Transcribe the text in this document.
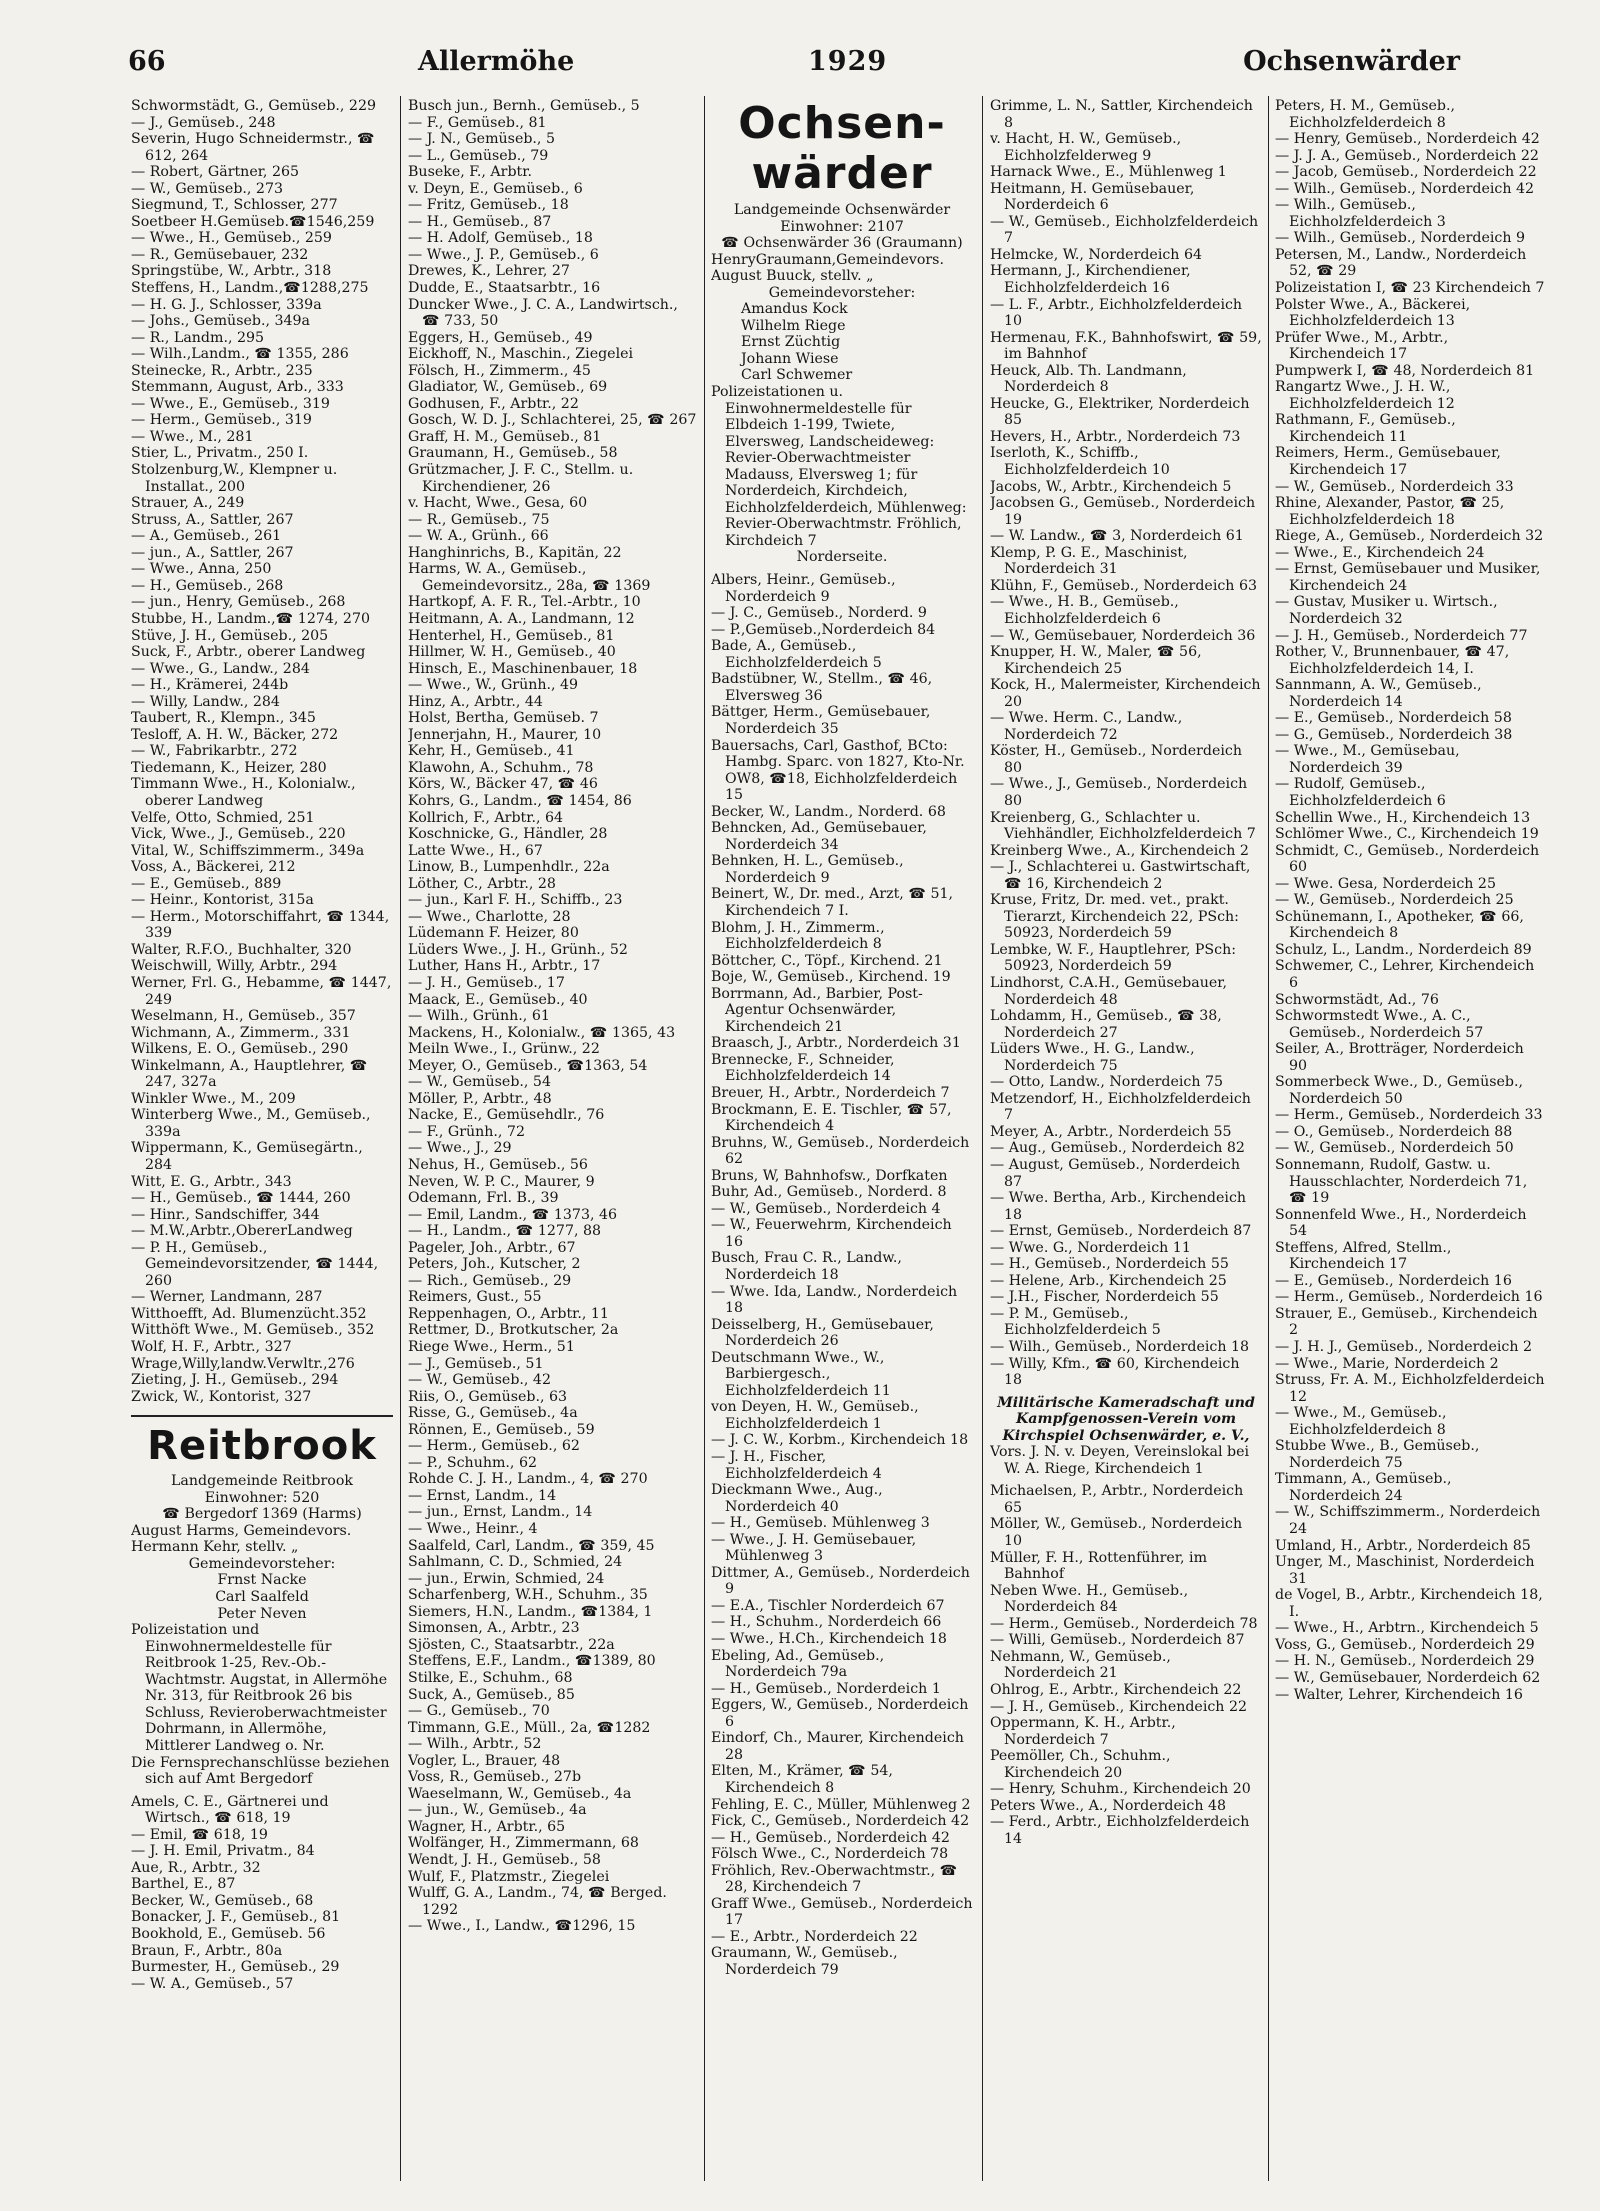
66	Allermöhe	1929	Ochsenwärder
Schwormstädt, G., Gemüseb., 229
— J., Gemüseb., 248
Severin, Hugo Schneidermstr., ☎ 612, 264
— Robert, Gärtner, 265
— W., Gemüseb., 273
Siegmund, T., Schlosser, 277
Soetbeer H.Gemüseb.☎1546,259
— Wwe., H., Gemüseb., 259
— R., Gemüsebauer, 232
Springstübe, W., Arbtr., 318
Steffens, H., Landm.,☎1288,275
— H. G. J., Schlosser, 339a
— Johs., Gemüseb., 349a
— R., Landm., 295
— Wilh.,Landm., ☎ 1355, 286
Steinecke, R., Arbtr., 235
Stemmann, August, Arb., 333
— Wwe., E., Gemüseb., 319
— Herm., Gemüseb., 319
— Wwe., M., 281
Stier, L., Privatm., 250 I.
Stolzenburg,W., Klempner u. Installat., 200
Strauer, A., 249
Struss, A., Sattler, 267
— A., Gemüseb., 261
— jun., A., Sattler, 267
— Wwe., Anna, 250
— H., Gemüseb., 268
— jun., Henry, Gemüseb., 268
Stubbe, H., Landm.,☎ 1274, 270
Stüve, J. H., Gemüseb., 205
Suck, F., Arbtr., oberer Landweg
— Wwe., G., Landw., 284
— H., Krämerei, 244b
— Willy, Landw., 284
Taubert, R., Klempn., 345
Tesloff, A. H. W., Bäcker, 272
— W., Fabrikarbtr., 272
Tiedemann, K., Heizer, 280
Timmann Wwe., H., Kolonialw., oberer Landweg
Velfe, Otto, Schmied, 251
Vick, Wwe., J., Gemüseb., 220
Vital, W., Schiffszimmerm., 349a
Voss, A., Bäckerei, 212
— E., Gemüseb., 889
— Heinr., Kontorist, 315a
— Herm., Motorschiffahrt, ☎ 1344, 339
Walter, R.F.O., Buchhalter, 320
Weischwill, Willy, Arbtr., 294
Werner, Frl. G., Hebamme, ☎ 1447, 249
Weselmann, H., Gemüseb., 357
Wichmann, A., Zimmerm., 331
Wilkens, E. O., Gemüseb., 290
Winkelmann, A., Hauptlehrer, ☎ 247, 327a
Winkler Wwe., M., 209
Winterberg Wwe., M., Gemüseb., 339a
Wippermann, K., Gemüsegärtn., 284
Witt, E. G., Arbtr., 343
— H., Gemüseb., ☎ 1444, 260
— Hinr., Sandschiffer, 344
— M.W.,Arbtr.,ObererLandweg
— P. H., Gemüseb., Gemeindevorsitzender, ☎ 1444, 260
— Werner, Landmann, 287
Witthoefft, Ad. Blumenzücht.352
Witthöft Wwe., M. Gemüseb., 352
Wolf, H. F., Arbtr., 327
Wrage,Willy,landw.Verwltr.,276
Zieting, J. H., Gemüseb., 294
Zwick, W., Kontorist, 327
Reitbrook
Landgemeinde Reitbrook
Einwohner: 520
☎ Bergedorf 1369 (Harms)
August Harms, Gemeindevors.
Hermann Kehr, stellv. „
Gemeindevorsteher:
Frnst Nacke
Carl Saalfeld
Peter Neven
Polizeistation und Einwohnermeldestelle für Reitbrook 1-25, Rev.-Ob.-Wachtmstr. Augstat, in Allermöhe Nr. 313, für Reitbrook 26 bis Schluss, Revieroberwachtmeister Dohrmann, in Allermöhe, Mittlerer Landweg o. Nr.
Die Fernsprechanschlüsse beziehen sich auf Amt Bergedorf
Amels, C. E., Gärtnerei und Wirtsch., ☎ 618, 19
— Emil, ☎ 618, 19
— J. H. Emil, Privatm., 84
Aue, R., Arbtr., 32
Barthel, E., 87
Becker, W., Gemüseb., 68
Bonacker, J. F., Gemüseb., 81
Bookhold, E., Gemüseb. 56
Braun, F., Arbtr., 80a
Burmester, H., Gemüseb., 29
— W. A., Gemüseb., 57
Busch jun., Bernh., Gemüseb., 5
— F., Gemüseb., 81
— J. N., Gemüseb., 5
— L., Gemüseb., 79
Buseke, F., Arbtr.
v. Deyn, E., Gemüseb., 6
— Fritz, Gemüseb., 18
— H., Gemüseb., 87
— H. Adolf, Gemüseb., 18
— Wwe., J. P., Gemüseb., 6
Drewes, K., Lehrer, 27
Dudde, E., Staatsarbtr., 16
Duncker Wwe., J. C. A., Landwirtsch., ☎ 733, 50
Eggers, H., Gemüseb., 49
Eickhoff, N., Maschin., Ziegelei
Fölsch, H., Zimmerm., 45
Gladiator, W., Gemüseb., 69
Godhusen, F., Arbtr., 22
Gosch, W. D. J., Schlachterei, 25, ☎ 267
Graff, H. M., Gemüseb., 81
Graumann, H., Gemüseb., 58
Grützmacher, J. F. C., Stellm. u. Kirchendiener, 26
v. Hacht, Wwe., Gesa, 60
— R., Gemüseb., 75
— W. A., Grünh., 66
Hanghinrichs, B., Kapitän, 22
Harms, W. A., Gemüseb., Gemeindevorsitz., 28a, ☎ 1369
Hartkopf, A. F. R., Tel.-Arbtr., 10
Heitmann, A. A., Landmann, 12
Henterhel, H., Gemüseb., 81
Hillmer, W. H., Gemüseb., 40
Hinsch, E., Maschinenbauer, 18
— Wwe., W., Grünh., 49
Hinz, A., Arbtr., 44
Holst, Bertha, Gemüseb. 7
Jennerjahn, H., Maurer, 10
Kehr, H., Gemüseb., 41
Klawohn, A., Schuhm., 78
Körs, W., Bäcker 47, ☎ 46
Kohrs, G., Landm., ☎ 1454, 86
Kollrich, F., Arbtr., 64
Koschnicke, G., Händler, 28
Latte Wwe., H., 67
Linow, B., Lumpenhdlr., 22a
Löther, C., Arbtr., 28
— jun., Karl F. H., Schiffb., 23
— Wwe., Charlotte, 28
Lüdemann F. Heizer, 80
Lüders Wwe., J. H., Grünh., 52
Luther, Hans H., Arbtr., 17
— J. H., Gemüseb., 17
Maack, E., Gemüseb., 40
— Wilh., Grünh., 61
Mackens, H., Kolonialw., ☎ 1365, 43
Meiln Wwe., I., Grünw., 22
Meyer, O., Gemüseb., ☎1363, 54
— W., Gemüseb., 54
Möller, P., Arbtr., 48
Nacke, E., Gemüsehdlr., 76
— F., Grünh., 72
— Wwe., J., 29
Nehus, H., Gemüseb., 56
Neven, W. P. C., Maurer, 9
Odemann, Frl. B., 39
— Emil, Landm., ☎ 1373, 46
— H., Landm., ☎ 1277, 88
Pageler, Joh., Arbtr., 67
Peters, Joh., Kutscher, 2
— Rich., Gemüseb., 29
Reimers, Gust., 55
Reppenhagen, O., Arbtr., 11
Rettmer, D., Brotkutscher, 2a
Riege Wwe., Herm., 51
— J., Gemüseb., 51
— W., Gemüseb., 42
Riis, O., Gemüseb., 63
Risse, G., Gemüseb., 4a
Rönnen, E., Gemüseb., 59
— Herm., Gemüseb., 62
— P., Schuhm., 62
Rohde C. J. H., Landm., 4, ☎ 270
— Ernst, Landm., 14
— jun., Ernst, Landm., 14
— Wwe., Heinr., 4
Saalfeld, Carl, Landm., ☎ 359, 45
Sahlmann, C. D., Schmied, 24
— jun., Erwin, Schmied, 24
Scharfenberg, W.H., Schuhm., 35
Siemers, H.N., Landm., ☎1384, 1
Simonsen, A., Arbtr., 23
Sjösten, C., Staatsarbtr., 22a
Steffens, E.F., Landm., ☎1389, 80
Stilke, E., Schuhm., 68
Suck, A., Gemüseb., 85
— G., Gemüseb., 70
Timmann, G.E., Müll., 2a, ☎1282
— Wilh., Arbtr., 52
Vogler, L., Brauer, 48
Voss, R., Gemüseb., 27b
Waeselmann, W., Gemüseb., 4a
— jun., W., Gemüseb., 4a
Wagner, H., Arbtr., 65
Wolfänger, H., Zimmermann, 68
Wendt, J. H., Gemüseb., 58
Wulf, F., Platzmstr., Ziegelei
Wulff, G. A., Landm., 74, ☎ Berged. 1292
— Wwe., I., Landw., ☎1296, 15
Ochsen-
wärder
Landgemeinde Ochsenwärder
Einwohner: 2107
☎ Ochsenwärder 36 (Graumann)
HenryGraumann,Gemeindevors.
August Buuck, stellv. „
Gemeindevorsteher:
Amandus Kock
Wilhelm Riege
Ernst Züchtig
Johann Wiese
Carl Schwemer
Polizeistationen u. Einwohnermeldestelle für Elbdeich 1-199, Twiete, Elversweg, Landscheideweg: Revier-Oberwachtmeister Madauss, Elversweg 1; für Norderdeich, Kirchdeich, Eichholzfelderdeich, Mühlenweg: Revier-Oberwachtmstr. Fröhlich, Kirchdeich 7
Norderseite.
Albers, Heinr., Gemüseb., Norderdeich 9
— J. C., Gemüseb., Norderd. 9
— P.,Gemüseb.,Norderdeich 84
Bade, A., Gemüseb., Eichholzfelderdeich 5
Badstübner, W., Stellm., ☎ 46, Elversweg 36
Bättger, Herm., Gemüsebauer, Norderdeich 35
Bauersachs, Carl, Gasthof, BCto: Hambg. Sparc. von 1827, Kto-Nr. OW8, ☎18, Eichholzfelderdeich 15
Becker, W., Landm., Norderd. 68
Behncken, Ad., Gemüsebauer, Norderdeich 34
Behnken, H. L., Gemüseb., Norderdeich 9
Beinert, W., Dr. med., Arzt, ☎ 51, Kirchendeich 7 I.
Blohm, J. H., Zimmerm., Eichholzfelderdeich 8
Böttcher, C., Töpf., Kirchend. 21
Boje, W., Gemüseb., Kirchend. 19
Borrmann, Ad., Barbier, Post-Agentur Ochsenwärder, Kirchendeich 21
Braasch, J., Arbtr., Norderdeich 31
Brennecke, F., Schneider, Eichholzfelderdeich 14
Breuer, H., Arbtr., Norderdeich 7
Brockmann, E. E. Tischler, ☎ 57, Kirchendeich 4
Bruhns, W., Gemüseb., Norderdeich 62
Bruns, W, Bahnhofsw., Dorfkaten
Buhr, Ad., Gemüseb., Norderd. 8
— W., Gemüseb., Norderdeich 4
— W., Feuerwehrm, Kirchendeich 16
Busch, Frau C. R., Landw., Norderdeich 18
— Wwe. Ida, Landw., Norderdeich 18
Deisselberg, H., Gemüsebauer, Norderdeich 26
Deutschmann Wwe., W., Barbiergesch., Eichholzfelderdeich 11
von Deyen, H. W., Gemüseb., Eichholzfelderdeich 1
— J. C. W., Korbm., Kirchendeich 18
— J. H., Fischer, Eichholzfelderdeich 4
Dieckmann Wwe., Aug., Norderdeich 40
— H., Gemüseb. Mühlenweg 3
— Wwe., J. H. Gemüsebauer, Mühlenweg 3
Dittmer, A., Gemüseb., Norderdeich 9
— E.A., Tischler Norderdeich 67
— H., Schuhm., Norderdeich 66
— Wwe., H.Ch., Kirchendeich 18
Ebeling, Ad., Gemüseb., Norderdeich 79a
— H., Gemüseb., Norderdeich 1
Eggers, W., Gemüseb., Norderdeich 6
Eindorf, Ch., Maurer, Kirchendeich 28
Elten, M., Krämer, ☎ 54, Kirchendeich 8
Fehling, E. C., Müller, Mühlenweg 2
Fick, C., Gemüseb., Norderdeich 42
— H., Gemüseb., Norderdeich 42
Fölsch Wwe., C., Norderdeich 78
Fröhlich, Rev.-Oberwachtmstr., ☎ 28, Kirchendeich 7
Graff Wwe., Gemüseb., Norderdeich 17
— E., Arbtr., Norderdeich 22
Graumann, W., Gemüseb., Norderdeich 79
Grimme, L. N., Sattler, Kirchendeich 8
v. Hacht, H. W., Gemüseb., Eichholzfelderweg 9
Harnack Wwe., E., Mühlenweg 1
Heitmann, H. Gemüsebauer, Norderdeich 6
— W., Gemüseb., Eichholzfelderdeich 7
Helmcke, W., Norderdeich 64
Hermann, J., Kirchendiener, Eichholzfelderdeich 16
— L. F., Arbtr., Eichholzfelderdeich 10
Hermenau, F.K., Bahnhofswirt, ☎ 59, im Bahnhof
Heuck, Alb. Th. Landmann, Norderdeich 8
Heucke, G., Elektriker, Norderdeich 85
Hevers, H., Arbtr., Norderdeich 73
Iserloth, K., Schiffb., Eichholzfelderdeich 10
Jacobs, W., Arbtr., Kirchendeich 5
Jacobsen G., Gemüseb., Norderdeich 19
— W. Landw., ☎ 3, Norderdeich 61
Klemp, P. G. E., Maschinist, Norderdeich 31
Klühn, F., Gemüseb., Norderdeich 63
— Wwe., H. B., Gemüseb., Eichholzfelderdeich 6
— W., Gemüsebauer, Norderdeich 36
Knupper, H. W., Maler, ☎ 56, Kirchendeich 25
Kock, H., Malermeister, Kirchendeich 20
— Wwe. Herm. C., Landw., Norderdeich 72
Köster, H., Gemüseb., Norderdeich 80
— Wwe., J., Gemüseb., Norderdeich 80
Kreienberg, G., Schlachter u. Viehhändler, Eichholzfelderdeich 7
Kreinberg Wwe., A., Kirchendeich 2
— J., Schlachterei u. Gastwirtschaft, ☎ 16, Kirchendeich 2
Kruse, Fritz, Dr. med. vet., prakt. Tierarzt, Kirchendeich 22, PSch: 50923, Norderdeich 59
Lembke, W. F., Hauptlehrer, PSch: 50923, Norderdeich 59
Lindhorst, C.A.H., Gemüsebauer, Norderdeich 48
Lohdamm, H., Gemüseb., ☎ 38, Norderdeich 27
Lüders Wwe., H. G., Landw., Norderdeich 75
— Otto, Landw., Norderdeich 75
Metzendorf, H., Eichholzfelderdeich 7
Meyer, A., Arbtr., Norderdeich 55
— Aug., Gemüseb., Norderdeich 82
— August, Gemüseb., Norderdeich 87
— Wwe. Bertha, Arb., Kirchendeich 18
— Ernst, Gemüseb., Norderdeich 87
— Wwe. G., Norderdeich 11
— H., Gemüseb., Norderdeich 55
— Helene, Arb., Kirchendeich 25
— J.H., Fischer, Norderdeich 55
— P. M., Gemüseb., Eichholzfelderdeich 5
— Wilh., Gemüseb., Norderdeich 18
— Willy, Kfm., ☎ 60, Kirchendeich 18
Militärische Kameradschaft und Kampfgenossen-Verein vom Kirchspiel Ochsenwärder, e. V.,
Vors. J. N. v. Deyen, Vereinslokal bei W. A. Riege, Kirchendeich 1
Michaelsen, P., Arbtr., Norderdeich 65
Möller, W., Gemüseb., Norderdeich 10
Müller, F. H., Rottenführer, im Bahnhof
Neben Wwe. H., Gemüseb., Norderdeich 84
— Herm., Gemüseb., Norderdeich 78
— Willi, Gemüseb., Norderdeich 87
Nehmann, W., Gemüseb., Norderdeich 21
Ohlrog, E., Arbtr., Kirchendeich 22
— J. H., Gemüseb., Kirchendeich 22
Oppermann, K. H., Arbtr., Norderdeich 7
Peemöller, Ch., Schuhm., Kirchendeich 20
— Henry, Schuhm., Kirchendeich 20
Peters Wwe., A., Norderdeich 48
— Ferd., Arbtr., Eichholzfelderdeich 14
Peters, H. M., Gemüseb., Eichholzfelderdeich 8
— Henry, Gemüseb., Norderdeich 42
— J. J. A., Gemüseb., Norderdeich 22
— Jacob, Gemüseb., Norderdeich 22
— Wilh., Gemüseb., Norderdeich 42
— Wilh., Gemüseb., Eichholzfelderdeich 3
— Wilh., Gemüseb., Norderdeich 9
Petersen, M., Landw., Norderdeich 52, ☎ 29
Polizeistation I, ☎ 23 Kirchendeich 7
Polster Wwe., A., Bäckerei, Eichholzfelderdeich 13
Prüfer Wwe., M., Arbtr., Kirchendeich 17
Pumpwerk I, ☎ 48, Norderdeich 81
Rangartz Wwe., J. H. W., Eichholzfelderdeich 12
Rathmann, F., Gemüseb., Kirchendeich 11
Reimers, Herm., Gemüsebauer, Kirchendeich 17
— W., Gemüseb., Norderdeich 33
Rhine, Alexander, Pastor, ☎ 25, Eichholzfelderdeich 18
Riege, A., Gemüseb., Norderdeich 32
— Wwe., E., Kirchendeich 24
— Ernst, Gemüsebauer und Musiker, Kirchendeich 24
— Gustav, Musiker u. Wirtsch., Norderdeich 32
— J. H., Gemüseb., Norderdeich 77
Rother, V., Brunnenbauer, ☎ 47, Eichholzfelderdeich 14, I.
Sannmann, A. W., Gemüseb., Norderdeich 14
— E., Gemüseb., Norderdeich 58
— G., Gemüseb., Norderdeich 38
— Wwe., M., Gemüsebau, Norderdeich 39
— Rudolf, Gemüseb., Eichholzfelderdeich 6
Schellin Wwe., H., Kirchendeich 13
Schlömer Wwe., C., Kirchendeich 19
Schmidt, C., Gemüseb., Norderdeich 60
— Wwe. Gesa, Norderdeich 25
— W., Gemüseb., Norderdeich 25
Schünemann, I., Apotheker, ☎ 66, Kirchendeich 8
Schulz, L., Landm., Norderdeich 89
Schwemer, C., Lehrer, Kirchendeich 6
Schwormstädt, Ad., 76
Schwormstedt Wwe., A. C., Gemüseb., Norderdeich 57
Seiler, A., Brotträger, Norderdeich 90
Sommerbeck Wwe., D., Gemüseb., Norderdeich 50
— Herm., Gemüseb., Norderdeich 33
— O., Gemüseb., Norderdeich 88
— W., Gemüseb., Norderdeich 50
Sonnemann, Rudolf, Gastw. u. Hausschlachter, Norderdeich 71, ☎ 19
Sonnenfeld Wwe., H., Norderdeich 54
Steffens, Alfred, Stellm., Kirchendeich 17
— E., Gemüseb., Norderdeich 16
— Herm., Gemüseb., Norderdeich 16
Strauer, E., Gemüseb., Kirchendeich 2
— J. H. J., Gemüseb., Norderdeich 2
— Wwe., Marie, Norderdeich 2
Struss, Fr. A. M., Eichholzfelderdeich 12
— Wwe., M., Gemüseb., Eichholzfelderdeich 8
Stubbe Wwe., B., Gemüseb., Norderdeich 75
Timmann, A., Gemüseb., Norderdeich 24
— W., Schiffszimmerm., Norderdeich 24
Umland, H., Arbtr., Norderdeich 85
Unger, M., Maschinist, Norderdeich 31
de Vogel, B., Arbtr., Kirchendeich 18, I.
— Wwe., H., Arbtrn., Kirchendeich 5
Voss, G., Gemüseb., Norderdeich 29
— H. N., Gemüseb., Norderdeich 29
— W., Gemüsebauer, Norderdeich 62
— Walter, Lehrer, Kirchendeich 16
